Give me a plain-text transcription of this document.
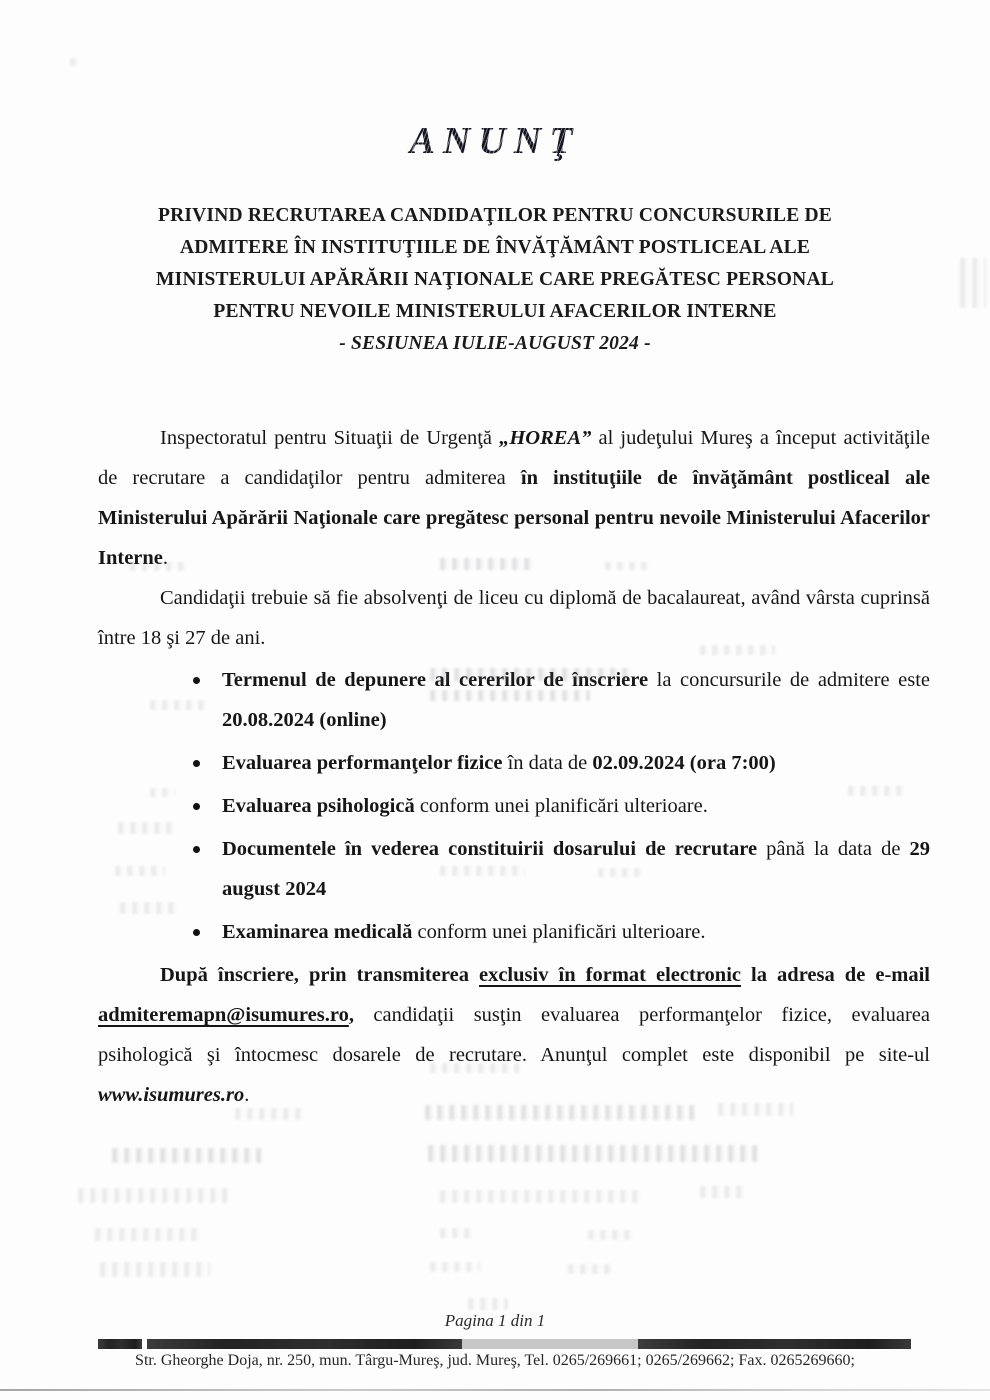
ANUNŢ
PRIVIND RECRUTAREA CANDIDAŢILOR PENTRU CONCURSURILE DE
ADMITERE ÎN INSTITUŢIILE DE ÎNVĂŢĂMÂNT POSTLICEAL ALE
MINISTERULUI APĂRĂRII NAŢIONALE CARE PREGĂTESC PERSONAL
PENTRU NEVOILE MINISTERULUI AFACERILOR INTERNE
- SESIUNEA IULIE-AUGUST 2024 -

Inspectoratul pentru Situaţii de Urgenţă „HOREA” al judeţului Mureş a început activităţile de recrutare a candidaţilor pentru admiterea în instituţiile de învăţământ postliceal ale Ministerului Apărării Naţionale care pregătesc personal pentru nevoile Ministerului Afacerilor Interne.

Candidaţii trebuie să fie absolvenţi de liceu cu diplomă de bacalaureat, având vârsta cuprinsă între 18 şi 27 de ani.

Termenul de depunere al cererilor de înscriere la concursurile de admitere este 20.08.2024 (online)
Evaluarea performanţelor fizice în data de 02.09.2024 (ora 7:00)
Evaluarea psihologică conform unei planificări ulterioare.
Documentele în vederea constituirii dosarului de recrutare până la data de 29 august 2024
Examinarea medicală conform unei planificări ulterioare.

După înscriere, prin transmiterea exclusiv în format electronic la adresa de e-mail admiteremapn@isumures.ro, candidaţii susţin evaluarea performanţelor fizice, evaluarea psihologică şi întocmesc dosarele de recrutare. Anunţul complet este disponibil pe site-ul www.isumures.ro.

Pagina 1 din 1
Str. Gheorghe Doja, nr. 250, mun. Târgu-Mureş, jud. Mureş, Tel. 0265/269661; 0265/269662; Fax. 0265269660;
